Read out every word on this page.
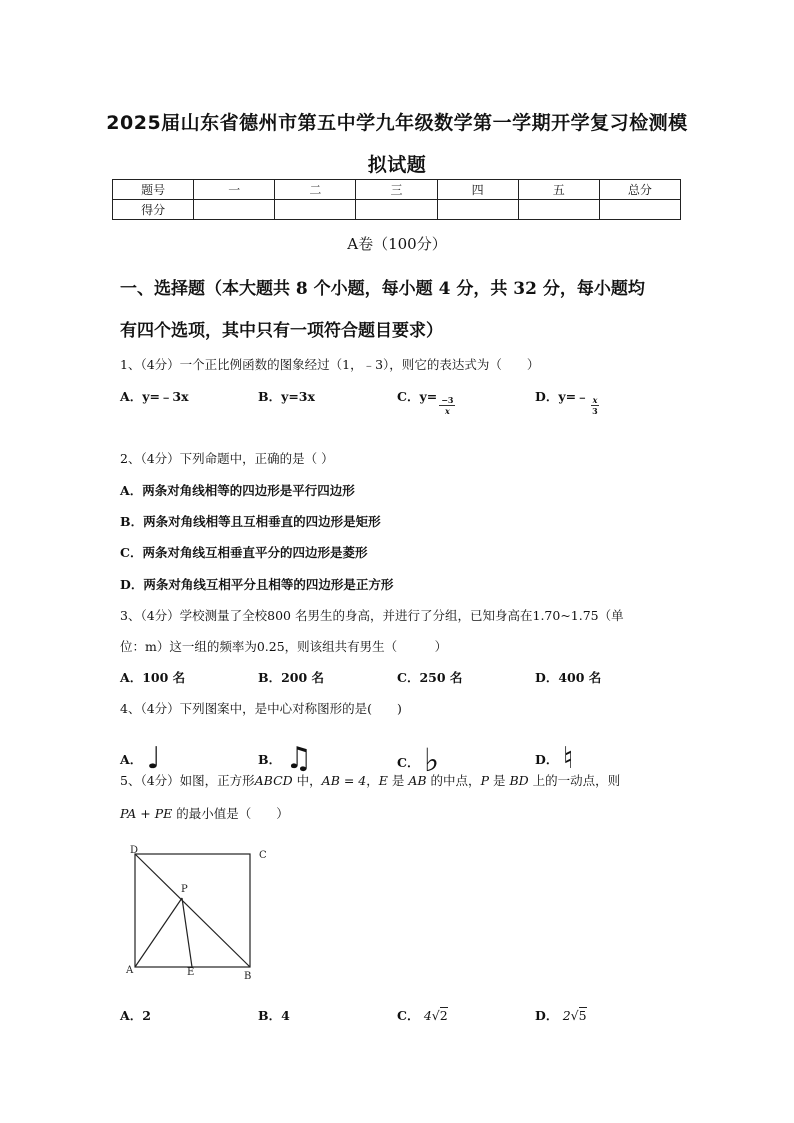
2025届山东省德州市第五中学九年级数学第一学期开学复习检测模
拟试题
题号	一	二	三	四	五	总分
得分						
A卷（100分）
一、选择题（本大题共 8 个小题，每小题 4 分，共 32 分，每小题均
有四个选项，其中只有一项符合题目要求）
1、（4分）一个正比例函数的图象经过（1，﹣3），则它的表达式为（　　）
A．y=﹣3x	B．y=3x	C．$y= \frac{-3}{x}$	D．y=﹣ $\frac{x}{3}$
2、（4分）下列命题中，正确的是（ ）
A．两条对角线相等的四边形是平行四边形
B．两条对角线相等且互相垂直的四边形是矩形
C．两条对角线互相垂直平分的四边形是菱形
D．两条对角线互相平分且相等的四边形是正方形
3、（4分）学校测量了全校800 名男生的身高，并进行了分组，已知身高在1.70~1.75（单
位：m）这一组的频率为0.25，则该组共有男生（　　　）
A．100 名	B．200 名	C．250 名	D．400 名
4、（4分）下列图案中，是中心对称图形的是(　　)
A． ♩	B． ♫	C． ♭	D． ♮
5、（4分）如图，正方形ABCD 中，AB = 4，E 是 AB 的中点，P 是 BD 上的一动点，则
PA + PE 的最小值是（　　）
D	C
P
A	E	B
A．2	B．4	C． 4√2	D． 2√5
